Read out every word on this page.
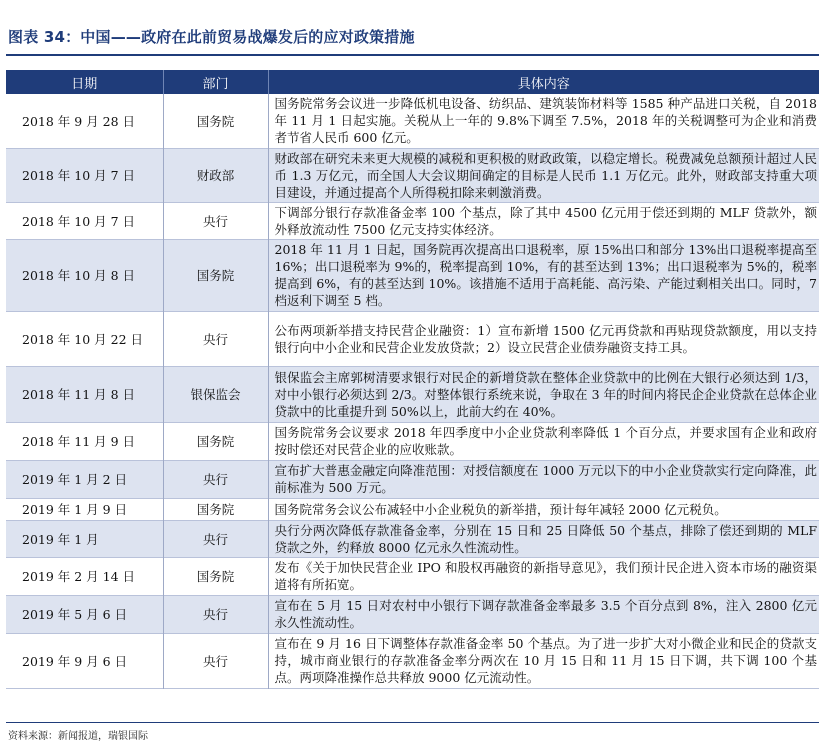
图表 34：中国——政府在此前贸易战爆发后的应对政策措施
日期	部门	具体内容
2018 年 9 月 28 日	国务院	国务院常务会议进一步降低机电设备、纺织品、建筑装饰材料等 1585 种产品进口关税，自 2018 年 11 月 1 日起实施。关税从上一年的 9.8%下调至 7.5%，2018 年的关税调整可为企业和消费者节省人民币 600 亿元。
2018 年 10 月 7 日	财政部	财政部在研究未来更大规模的减税和更积极的财政政策，以稳定增长。税费减免总额预计超过人民币 1.3 万亿元，而全国人大会议期间确定的目标是人民币 1.1 万亿元。此外，财政部支持重大项目建设，并通过提高个人所得税扣除来刺激消费。
2018 年 10 月 7 日	央行	下调部分银行存款准备金率 100 个基点，除了其中 4500 亿元用于偿还到期的 MLF 贷款外，额外释放流动性 7500 亿元支持实体经济。
2018 年 10 月 8 日	国务院	2018 年 11 月 1 日起，国务院再次提高出口退税率，原 15%出口和部分 13%出口退税率提高至 16%；出口退税率为 9%的，税率提高到 10%，有的甚至达到 13%；出口退税率为 5%的，税率提高到 6%，有的甚至达到 10%。该措施不适用于高耗能、高污染、产能过剩相关出口。同时，7 档返利下调至 5 档。
2018 年 10 月 22 日	央行	公布两项新举措支持民营企业融资：1）宣布新增 1500 亿元再贷款和再贴现贷款额度，用以支持银行向中小企业和民营企业发放贷款；2）设立民营企业债券融资支持工具。
2018 年 11 月 8 日	银保监会	银保监会主席郭树清要求银行对民企的新增贷款在整体企业贷款中的比例在大银行必须达到 1/3，对中小银行必须达到 2/3。对整体银行系统来说，争取在 3 年的时间内将民企企业贷款在总体企业贷款中的比重提升到 50%以上，此前大约在 40%。
2018 年 11 月 9 日	国务院	国务院常务会议要求 2018 年四季度中小企业贷款利率降低 1 个百分点，并要求国有企业和政府按时偿还对民营企业的应收账款。
2019 年 1 月 2 日	央行	宣布扩大普惠金融定向降准范围：对授信额度在 1000 万元以下的中小企业贷款实行定向降准，此前标准为 500 万元。
2019 年 1 月 9 日	国务院	国务院常务会议公布减轻中小企业税负的新举措，预计每年减轻 2000 亿元税负。
2019 年 1 月	央行	央行分两次降低存款准备金率，分别在 15 日和 25 日降低 50 个基点，排除了偿还到期的 MLF 贷款之外，约释放 8000 亿元永久性流动性。
2019 年 2 月 14 日	国务院	发布《关于加快民营企业 IPO 和股权再融资的新指导意见》，我们预计民企进入资本市场的融资渠道将有所拓宽。
2019 年 5 月 6 日	央行	宣布在 5 月 15 日对农村中小银行下调存款准备金率最多 3.5 个百分点到 8%，注入 2800 亿元永久性流动性。
2019 年 9 月 6 日	央行	宣布在 9 月 16 日下调整体存款准备金率 50 个基点。为了进一步扩大对小微企业和民企的贷款支持，城市商业银行的存款准备金率分两次在 10 月 15 日和 11 月 15 日下调，共下调 100 个基点。两项降准操作总共释放 9000 亿元流动性。
资料来源：新闻报道，瑞银国际
